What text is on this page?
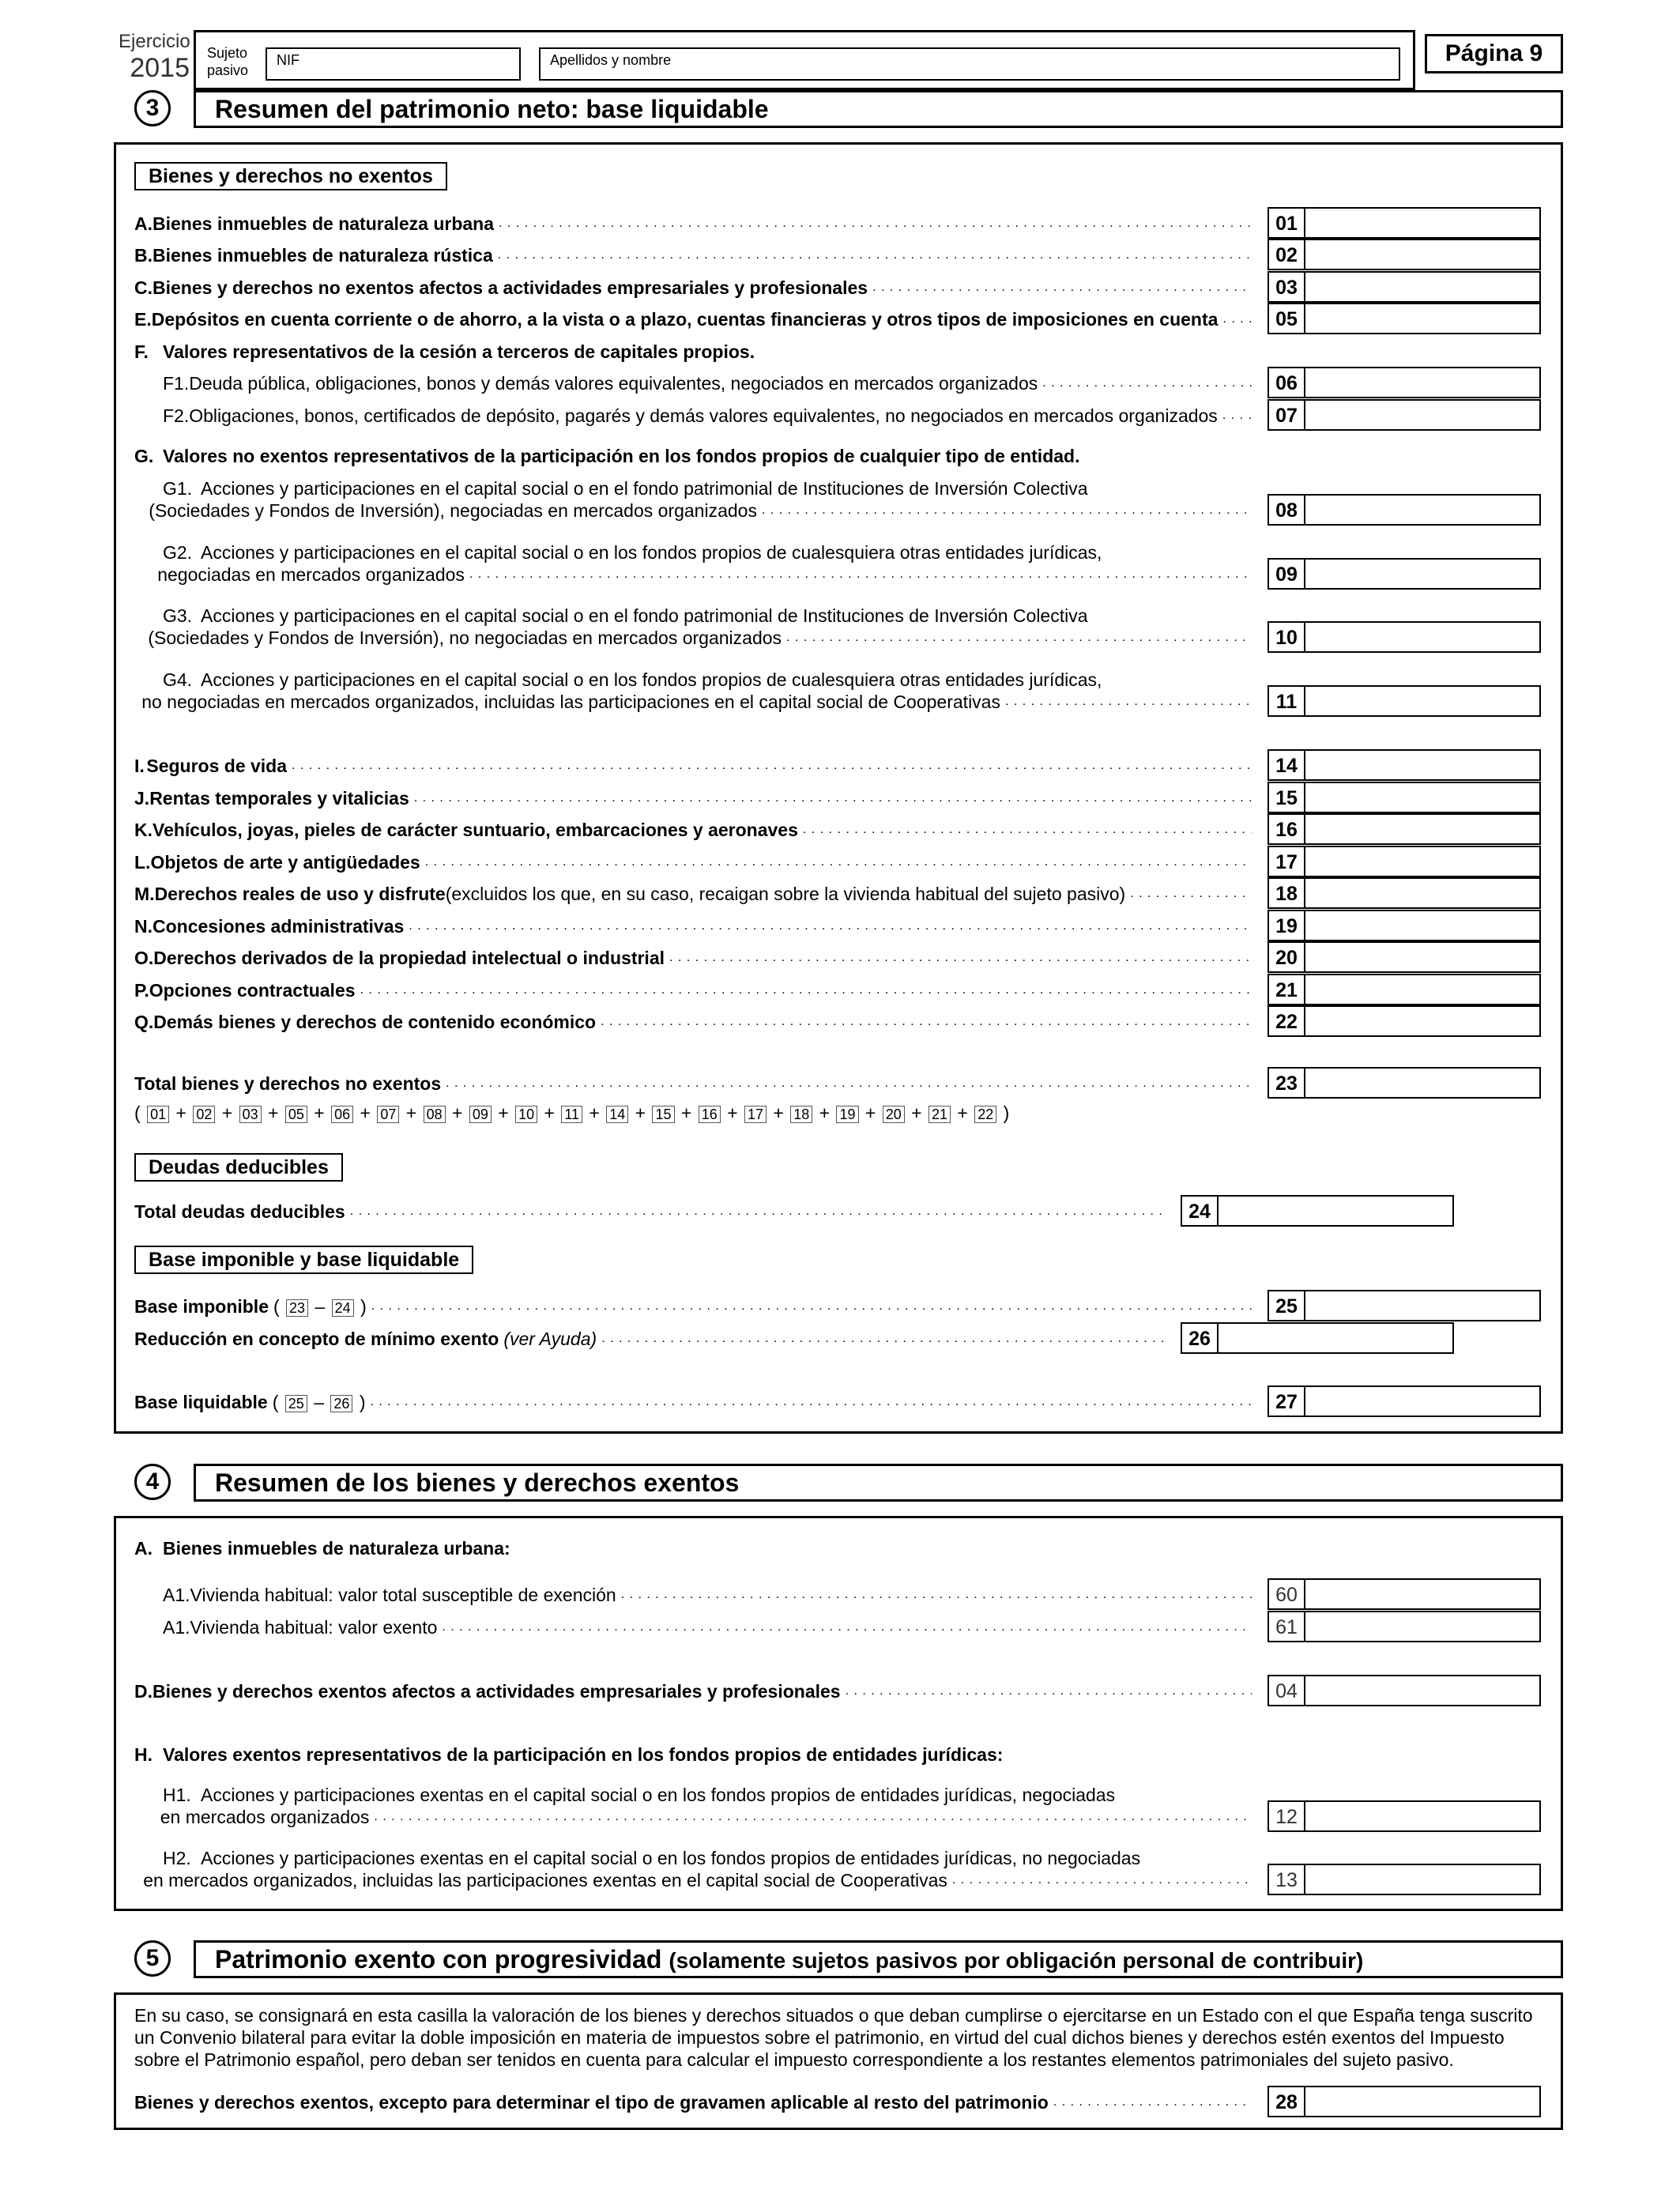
Ejercicio
2015 Sujeto
pasivo
NIF	Apellidos y nombre	Página 9
3	Resumen del patrimonio neto: base liquidable
Bienes y derechos no exentos
A. Bienes inmuebles de naturaleza urbana . . .	01
B. Bienes inmuebles de naturaleza rústica . . .	02
C. Bienes y derechos no exentos afectos a actividades empresariales y profesionales . . .	03
E. Depósitos en cuenta corriente o de ahorro, a la vista o a plazo, cuentas financieras y otros tipos de imposiciones en cuenta . . .	05
F. Valores representativos de la cesión a terceros de capitales propios.
F1. Deuda pública, obligaciones, bonos y demás valores equivalentes, negociados en mercados organizados . . .	06
F2. Obligaciones, bonos, certificados de depósito, pagarés y demás valores equivalentes, no negociados en mercados organizados . . .	07
G. Valores no exentos representativos de la participación en los fondos propios de cualquier tipo de entidad.
G1. Acciones y participaciones en el capital social o en el fondo patrimonial de Instituciones de Inversión Colectiva
(Sociedades y Fondos de Inversión), negociadas en mercados organizados . . .	08
G2. Acciones y participaciones en el capital social o en los fondos propios de cualesquiera otras entidades jurídicas,
negociadas en mercados organizados . . .	09
G3. Acciones y participaciones en el capital social o en el fondo patrimonial de Instituciones de Inversión Colectiva
(Sociedades y Fondos de Inversión), no negociadas en mercados organizados . . .	10
G4. Acciones y participaciones en el capital social o en los fondos propios de cualesquiera otras entidades jurídicas,
no negociadas en mercados organizados, incluidas las participaciones en el capital social de Cooperativas . . .	11
I. Seguros de vida . . .	14
J. Rentas temporales y vitalicias . . .	15
K. Vehículos, joyas, pieles de carácter suntuario, embarcaciones y aeronaves . . .	16
L. Objetos de arte y antigüedades . . .	17
M. Derechos reales de uso y disfrute (excluidos los que, en su caso, recaigan sobre la vivienda habitual del sujeto pasivo) . . .	18
N. Concesiones administrativas . . .	19
O. Derechos derivados de la propiedad intelectual o industrial . . .	20
P. Opciones contractuales . . .	21
Q. Demás bienes y derechos de contenido económico . . .	22
Total bienes y derechos no exentos . . .	23
( 01 + 02 + 03 + 05 + 06 + 07 + 08 + 09 + 10 + 11 + 14 + 15 + 16 + 17 + 18 + 19 + 20 + 21 + 22 )
Deudas deducibles
Total deudas deducibles . . .	24
Base imponible y base liquidable
Base imponible ( 23 – 24 ) . . .	25
Reducción en concepto de mínimo exento (ver Ayuda) . . .	26
Base liquidable ( 25 – 26 ) . . .	27
4	Resumen de los bienes y derechos exentos
A. Bienes inmuebles de naturaleza urbana:
A1. Vivienda habitual: valor total susceptible de exención . . .	60
A1. Vivienda habitual: valor exento . . .	61
D. Bienes y derechos exentos afectos a actividades empresariales y profesionales . . .	04
H. Valores exentos representativos de la participación en los fondos propios de entidades jurídicas:
H1. Acciones y participaciones exentas en el capital social o en los fondos propios de entidades jurídicas, negociadas
en mercados organizados . . .	12
H2. Acciones y participaciones exentas en el capital social o en los fondos propios de entidades jurídicas, no negociadas
en mercados organizados, incluidas las participaciones exentas en el capital social de Cooperativas . . .	13
5	Patrimonio exento con progresividad (solamente sujetos pasivos por obligación personal de contribuir)
En su caso, se consignará en esta casilla la valoración de los bienes y derechos situados o que deban cumplirse o ejercitarse en un Estado con el que España tenga suscrito un Convenio bilateral para evitar la doble imposición en materia de impuestos sobre el patrimonio, en virtud del cual dichos bienes y derechos estén exentos del Impuesto sobre el Patrimonio español, pero deban ser tenidos en cuenta para calcular el impuesto correspondiente a los restantes elementos patrimoniales del sujeto pasivo.
Bienes y derechos exentos, excepto para determinar el tipo de gravamen aplicable al resto del patrimonio . . .	28
